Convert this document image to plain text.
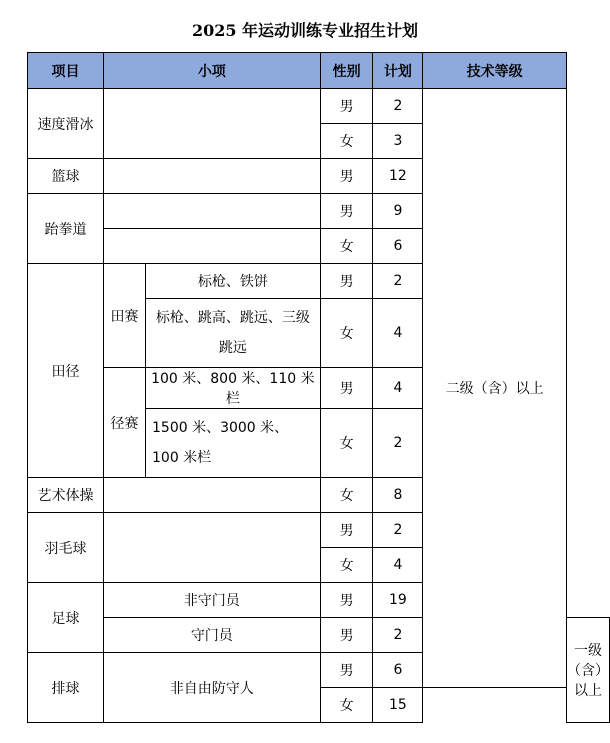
2025 年运动训练专业招生计划
项目	小项		性别	计划	技术等级	
速度滑冰			男	2	二级（含）以上	
			女	3		
篮球			男	12		
跆拳道			男	9		
			女	6		
田径	田赛	标枪、铁饼	男	2		
		标枪、跳高、跳远、三级跳远	女	4		
	径赛	100 米、800 米、110 米栏	男	4		
		1500 米、3000 米、100 米栏	女	2		
艺术体操			女	8		
羽毛球			男	2		
			女	4		
足球	非守门员		男	19		
	守门员		男	2		一级（含）以上
排球	非自由防守人		男	6		
			女	15		
